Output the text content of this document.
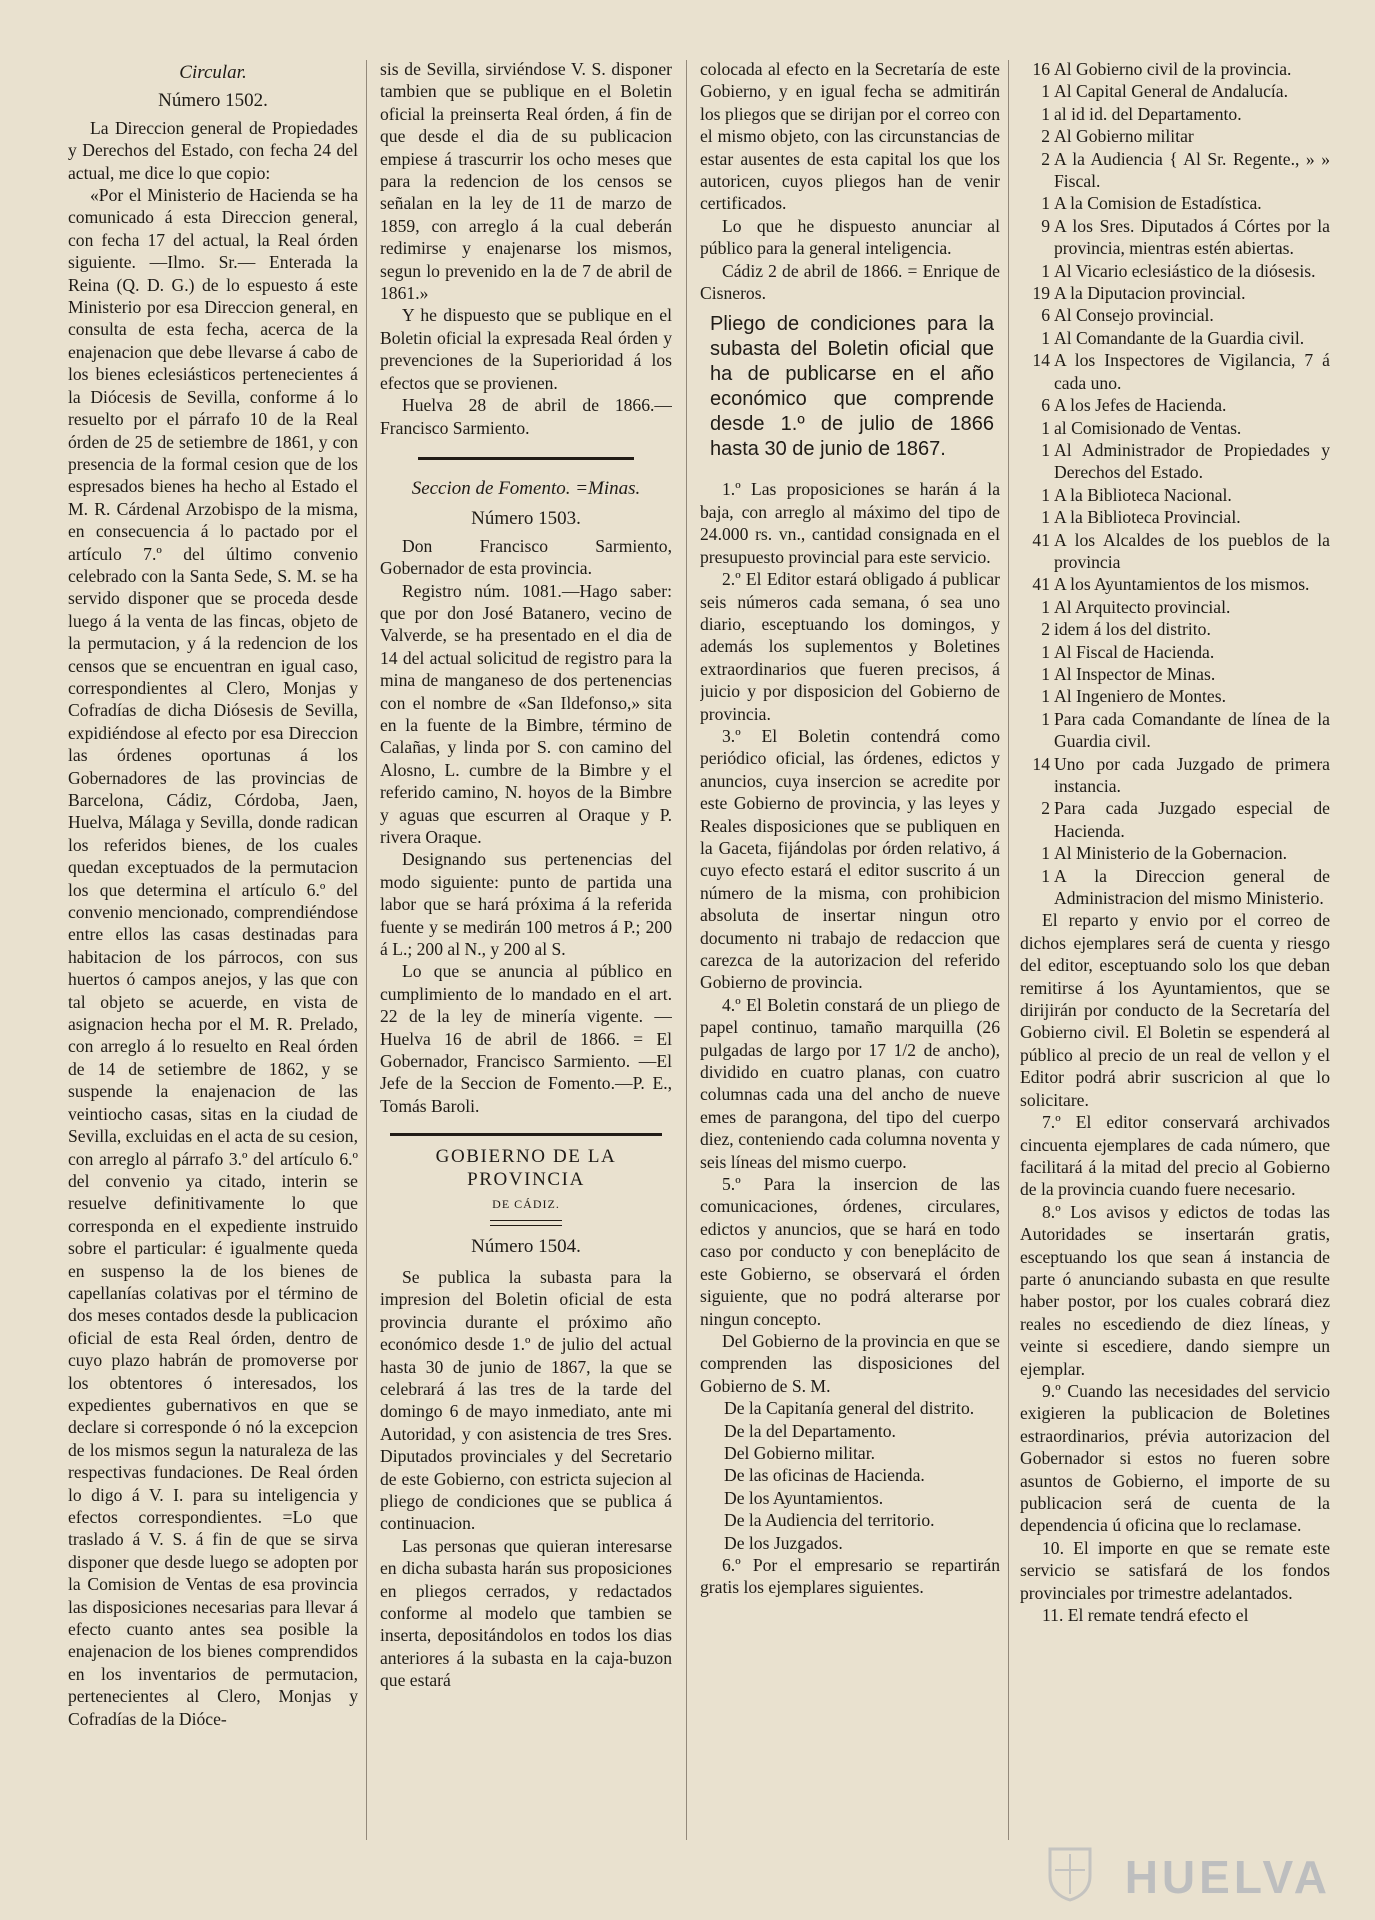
Circular.

Número 1502.

La Direccion general de Propiedades y Derechos del Estado, con fecha 24 del actual, me dice lo que copio:

«Por el Ministerio de Hacienda se ha comunicado á esta Direccion general, con fecha 17 del actual, la Real órden siguiente. —Ilmo. Sr.— Enterada la Reina (Q. D. G.) de lo espuesto á este Ministerio por esa Direccion general, en consulta de esta fecha, acerca de la enajenacion que debe llevarse á cabo de los bienes eclesiásticos pertenecientes á la Diócesis de Sevilla, conforme á lo resuelto por el párrafo 10 de la Real órden de 25 de setiembre de 1861, y con presencia de la formal cesion que de los espresados bienes ha hecho al Estado el M. R. Cárdenal Arzobispo de la misma, en consecuencia á lo pactado por el artículo 7.º del último convenio celebrado con la Santa Sede, S. M. se ha servido disponer que se proceda desde luego á la venta de las fincas, objeto de la permutacion, y á la redencion de los censos que se encuentran en igual caso, correspondientes al Clero, Monjas y Cofradías de dicha Diósesis de Sevilla, expidiéndose al efecto por esa Direccion las órdenes oportunas á los Gobernadores de las provincias de Barcelona, Cádiz, Córdoba, Jaen, Huelva, Málaga y Sevilla, donde radican los referidos bienes, de los cuales quedan exceptuados de la permutacion los que determina el artículo 6.º del convenio mencionado, comprendiéndose entre ellos las casas destinadas para habitacion de los párrocos, con sus huertos ó campos anejos, y las que con tal objeto se acuerde, en vista de asignacion hecha por el M. R. Prelado, con arreglo á lo resuelto en Real órden de 14 de setiembre de 1862, y se suspende la enajenacion de las veintiocho casas, sitas en la ciudad de Sevilla, excluidas en el acta de su cesion, con arreglo al párrafo 3.º del artículo 6.º del convenio ya citado, interin se resuelve definitivamente lo que corresponda en el expediente instruido sobre el particular: é igualmente queda en suspenso la de los bienes de capellanías colativas por el término de dos meses contados desde la publicacion oficial de esta Real órden, dentro de cuyo plazo habrán de promoverse por los obtentores ó interesados, los expedientes gubernativos en que se declare si corresponde ó nó la excepcion de los mismos segun la naturaleza de las respectivas fundaciones. De Real órden lo digo á V. I. para su inteligencia y efectos correspondientes. =Lo que traslado á V. S. á fin de que se sirva disponer que desde luego se adopten por la Comision de Ventas de esa provincia las disposiciones necesarias para llevar á efecto cuanto antes sea posible la enajenacion de los bienes comprendidos en los inventarios de permutacion, pertenecientes al Clero, Monjas y Cofradías de la Dióce-

sis de Sevilla, sirviéndose V. S. disponer tambien que se publique en el Boletin oficial la preinserta Real órden, á fin de que desde el dia de su publicacion empiese á trascurrir los ocho meses que para la redencion de los censos se señalan en la ley de 11 de marzo de 1859, con arreglo á la cual deberán redimirse y enajenarse los mismos, segun lo prevenido en la de 7 de abril de 1861.»

Y he dispuesto que se publique en el Boletin oficial la expresada Real órden y prevenciones de la Superioridad á los efectos que se provienen.

Huelva 28 de abril de 1866.— Francisco Sarmiento.

Seccion de Fomento. =Minas.

Número 1503.

Don Francisco Sarmiento, Gobernador de esta provincia.

Registro núm. 1081.—Hago saber: que por don José Batanero, vecino de Valverde, se ha presentado en el dia de 14 del actual solicitud de registro para la mina de manganeso de dos pertenencias con el nombre de «San Ildefonso,» sita en la fuente de la Bimbre, término de Calañas, y linda por S. con camino del Alosno, L. cumbre de la Bimbre y el referido camino, N. hoyos de la Bimbre y aguas que escurren al Oraque y P. rivera Oraque.

Designando sus pertenencias del modo siguiente: punto de partida una labor que se hará próxima á la referida fuente y se medirán 100 metros á P.; 200 á L.; 200 al N., y 200 al S.

Lo que se anuncia al público en cumplimiento de lo mandado en el art. 22 de la ley de minería vigente. —Huelva 16 de abril de 1866. = El Gobernador, Francisco Sarmiento. —El Jefe de la Seccion de Fomento.—P. E., Tomás Baroli.

GOBIERNO DE LA PROVINCIA
DE CÁDIZ.

Número 1504.

Se publica la subasta para la impresion del Boletin oficial de esta provincia durante el próximo año económico desde 1.º de julio del actual hasta 30 de junio de 1867, la que se celebrará á las tres de la tarde del domingo 6 de mayo inmediato, ante mi Autoridad, y con asistencia de tres Sres. Diputados provinciales y del Secretario de este Gobierno, con estricta sujecion al pliego de condiciones que se publica á continuacion.

Las personas que quieran interesarse en dicha subasta harán sus proposiciones en pliegos cerrados, y redactados conforme al modelo que tambien se inserta, depositándolos en todos los dias anteriores á la subasta en la caja-buzon que estará

colocada al efecto en la Secretaría de este Gobierno, y en igual fecha se admitirán los pliegos que se dirijan por el correo con el mismo objeto, con las circunstancias de estar ausentes de esta capital los que los autoricen, cuyos pliegos han de venir certificados.

Lo que he dispuesto anunciar al público para la general inteligencia.

Cádiz 2 de abril de 1866. = Enrique de Cisneros.

Pliego de condiciones para la subasta del Boletin oficial que ha de publicarse en el año económico que comprende desde 1.º de julio de 1866 hasta 30 de junio de 1867.

1.º Las proposiciones se harán á la baja, con arreglo al máximo del tipo de 24.000 rs. vn., cantidad consignada en el presupuesto provincial para este servicio.

2.º El Editor estará obligado á publicar seis números cada semana, ó sea uno diario, esceptuando los domingos, y además los suplementos y Boletines extraordinarios que fueren precisos, á juicio y por disposicion del Gobierno de provincia.

3.º El Boletin contendrá como periódico oficial, las órdenes, edictos y anuncios, cuya insercion se acredite por este Gobierno de provincia, y las leyes y Reales disposiciones que se publiquen en la Gaceta, fijándolas por órden relativo, á cuyo efecto estará el editor suscrito á un número de la misma, con prohibicion absoluta de insertar ningun otro documento ni trabajo de redaccion que carezca de la autorizacion del referido Gobierno de provincia.

4.º El Boletin constará de un pliego de papel continuo, tamaño marquilla (26 pulgadas de largo por 17 1/2 de ancho), dividido en cuatro planas, con cuatro columnas cada una del ancho de nueve emes de parangona, del tipo del cuerpo diez, conteniendo cada columna noventa y seis líneas del mismo cuerpo.

5.º Para la insercion de las comunicaciones, órdenes, circulares, edictos y anuncios, que se hará en todo caso por conducto y con beneplácito de este Gobierno, se observará el órden siguiente, que no podrá alterarse por ningun concepto.

Del Gobierno de la provincia en que se comprenden las disposiciones del Gobierno de S. M.

De la Capitanía general del distrito.

De la del Departamento.

Del Gobierno militar.

De las oficinas de Hacienda.

De los Ayuntamientos.

De la Audiencia del territorio.

De los Juzgados.

6.º Por el empresario se repartirán gratis los ejemplares siguientes.

16 Al Gobierno civil de la provincia.

1 Al Capital General de Andalucía.

1 al id id. del Departamento.

2 Al Gobierno militar

2 A la Audiencia { Al Sr. Regente., » » Fiscal.

1 A la Comision de Estadística.

9 A los Sres. Diputados á Córtes por la provincia, mientras estén abiertas.

1 Al Vicario eclesiástico de la diósesis.

19 A la Diputacion provincial.

6 Al Consejo provincial.

1 Al Comandante de la Guardia civil.

14 A los Inspectores de Vigilancia, 7 á cada uno.

6 A los Jefes de Hacienda.

1 al Comisionado de Ventas.

1 Al Administrador de Propiedades y Derechos del Estado.

1 A la Biblioteca Nacional.

1 A la Biblioteca Provincial.

41 A los Alcaldes de los pueblos de la provincia

41 A los Ayuntamientos de los mismos.

1 Al Arquitecto provincial.

2 idem á los del distrito.

1 Al Fiscal de Hacienda.

1 Al Inspector de Minas.

1 Al Ingeniero de Montes.

1 Para cada Comandante de línea de la Guardia civil.

14 Uno por cada Juzgado de primera instancia.

2 Para cada Juzgado especial de Hacienda.

1 Al Ministerio de la Gobernacion.

1 A la Direccion general de Administracion del mismo Ministerio.

El reparto y envio por el correo de dichos ejemplares será de cuenta y riesgo del editor, esceptuando solo los que deban remitirse á los Ayuntamientos, que se dirijirán por conducto de la Secretaría del Gobierno civil. El Boletin se espenderá al público al precio de un real de vellon y el Editor podrá abrir suscricion al que lo solicitare.

7.º El editor conservará archivados cincuenta ejemplares de cada número, que facilitará á la mitad del precio al Gobierno de la provincia cuando fuere necesario.

8.º Los avisos y edictos de todas las Autoridades se insertarán gratis, esceptuando los que sean á instancia de parte ó anunciando subasta en que resulte haber postor, por los cuales cobrará diez reales no escediendo de diez líneas, y veinte si escediere, dando siempre un ejemplar.

9.º Cuando las necesidades del servicio exigieren la publicacion de Boletines estraordinarios, prévia autorizacion del Gobernador si estos no fueren sobre asuntos de Gobierno, el importe de su publicacion será de cuenta de la dependencia ú oficina que lo reclamase.

10. El importe en que se remate este servicio se satisfará de los fondos provinciales por trimestre adelantados.

11. El remate tendrá efecto el

HUELVA
